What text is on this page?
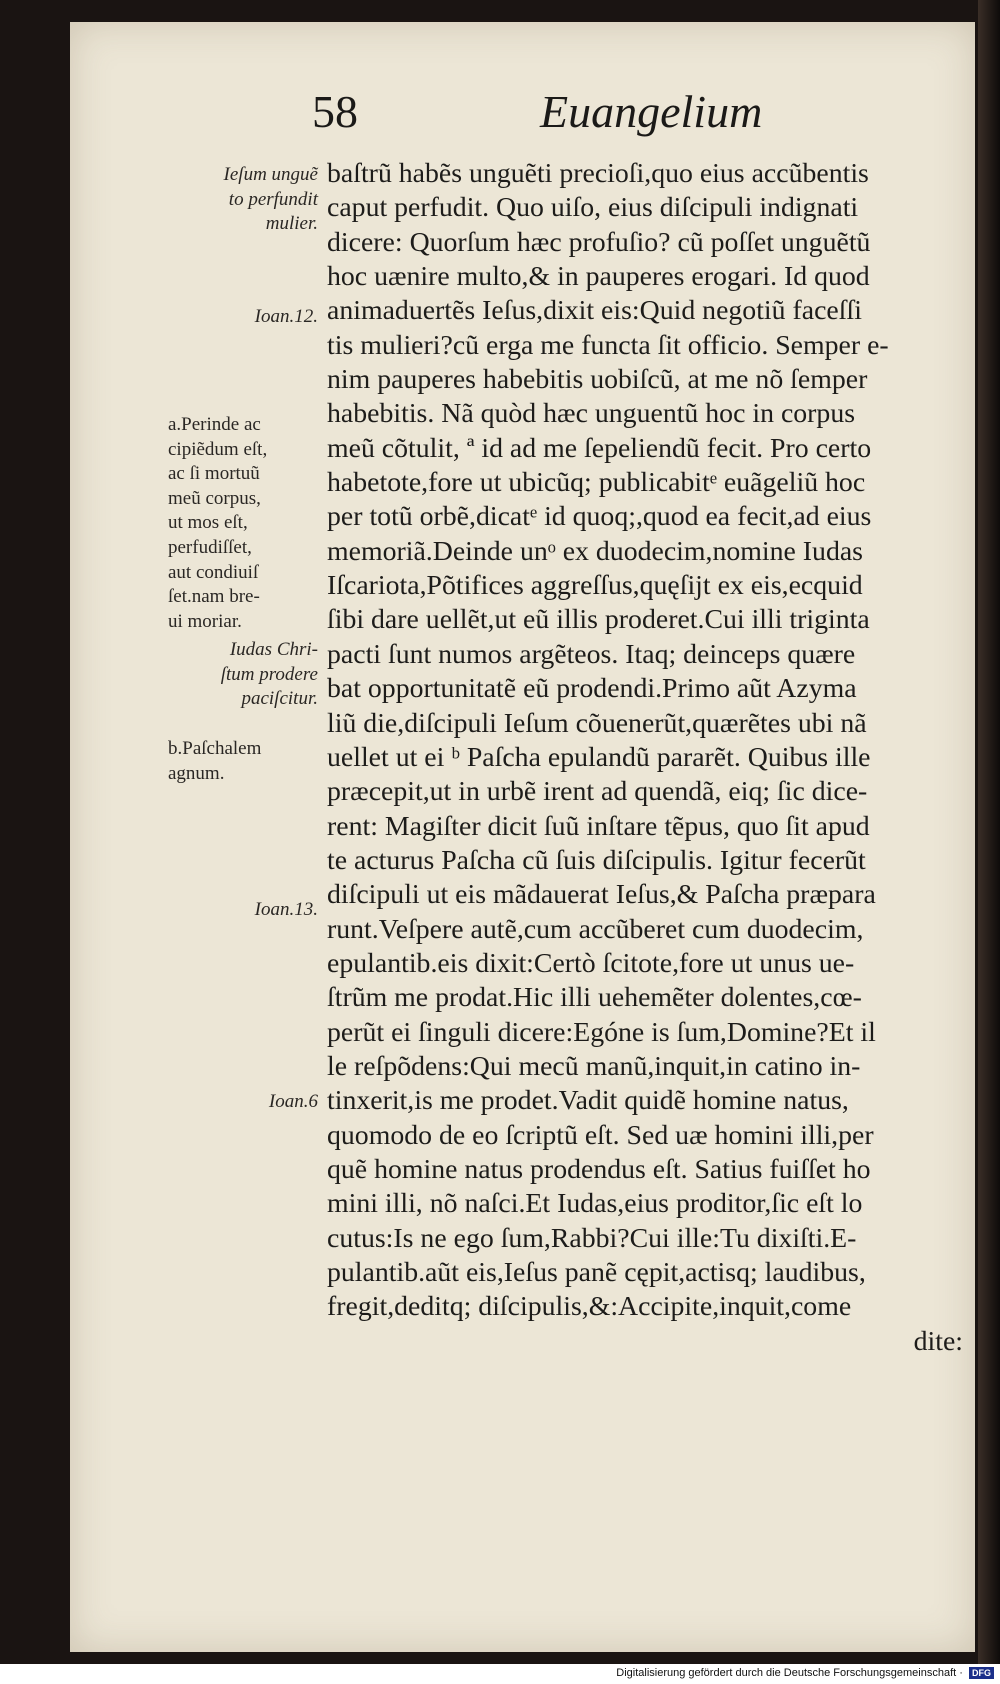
58	Euangelium
baſtrũ habẽs unguẽti precioſi,quo eius accũbentis
caput perfudit. Quo uiſo, eius diſcipuli indignati
dicere: Quorſum hæc profuſio? cũ poſſet unguẽtũ
hoc uænire multo,& in pauperes erogari. Id quod
animaduertẽs Ieſus,dixit eis:Quid negotiũ faceſſi
tis mulieri?cũ erga me functa ſit officio. Semper e-
nim pauperes habebitis uobiſcũ, at me nõ ſemper
habebitis. Nã quòd hæc unguentũ hoc in corpus
meũ cõtulit, ª id ad me ſepeliendũ fecit. Pro certo
habetote,fore ut ubicũq; publicabitᵉ euãgeliũ hoc
per totũ orbẽ,dicatᵉ id quoq;,quod ea fecit,ad eius
memoriã.Deinde unᵒ ex duodecim,nomine Iudas
Iſcariota,Põtifices aggreſſus,quęſijt ex eis,ecquid
ſibi dare uellẽt,ut eũ illis proderet.Cui illi triginta
pacti ſunt numos argẽteos. Itaq; deinceps quære
bat opportunitatẽ eũ prodendi.Primo aũt Azyma
liũ die,diſcipuli Ieſum cõuenerũt,quærẽtes ubi nã
uellet ut ei ᵇ Paſcha epulandũ pararẽt. Quibus ille
præcepit,ut in urbẽ irent ad quendã, eiq; ſic dice-
rent: Magiſter dicit ſuũ inſtare tẽpus, quo ſit apud
te acturus Paſcha cũ ſuis diſcipulis. Igitur fecerũt
diſcipuli ut eis mãdauerat Ieſus,& Paſcha præpara
runt.Veſpere autẽ,cum accũberet cum duodecim,
epulantib.eis dixit:Certò ſcitote,fore ut unus ue-
ſtrũm me prodat.Hic illi uehemẽter dolentes,cœ-
perũt ei ſinguli dicere:Egóne is ſum,Domine?Et il
le reſpõdens:Qui mecũ manũ,inquit,in catino in-
tinxerit,is me prodet.Vadit quidẽ homine natus,
quomodo de eo ſcriptũ eſt. Sed uæ homini illi,per
quẽ homine natus prodendus eſt. Satius fuiſſet ho
mini illi, nõ naſci.Et Iudas,eius proditor,ſic eſt lo
cutus:Is ne ego ſum,Rabbi?Cui ille:Tu dixiſti.E-
pulantib.aũt eis,Ieſus panẽ cępit,actisq; laudibus,
fregit,deditq; diſcipulis,&:Accipite,inquit,come
dite:
Ieſum unguẽ
to perfundit
mulier.
Ioan.12.
a.Perinde ac
cipiẽdum eſt,
ac ſi mortuũ
meũ corpus,
ut mos eſt,
perfudiſſet,
aut condiuiſ
ſet.nam bre-
ui moriar.
Iudas Chri-
ſtum prodere
paciſcitur.
b.Paſchalem
agnum.
Ioan.13.
Ioan.6
Digitalisierung gefördert durch die Deutsche Forschungsgemeinschaft · DFG
